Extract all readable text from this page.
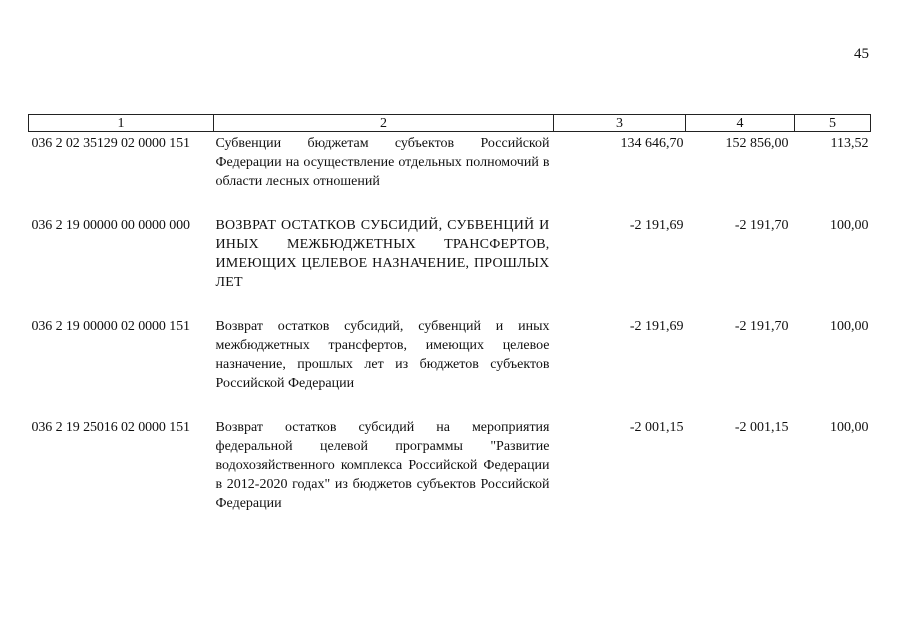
45
1	2	3	4	5
036 2 02 35129 02 0000 151	Субвенции бюджетам субъектов Российской Федерации на осуществление отдельных полномочий в области лесных отношений	134 646,70	152 856,00	113,52
036 2 19 00000 00 0000 000	ВОЗВРАТ ОСТАТКОВ СУБСИДИЙ, СУБВЕНЦИЙ И ИНЫХ МЕЖБЮДЖЕТНЫХ ТРАНСФЕРТОВ, ИМЕЮЩИХ ЦЕЛЕВОЕ НАЗНАЧЕНИЕ, ПРОШЛЫХ ЛЕТ	-2 191,69	-2 191,70	100,00
036 2 19 00000 02 0000 151	Возврат остатков субсидий, субвенций и иных межбюджетных трансфертов, имеющих целевое назначение, прошлых лет из бюджетов субъектов Российской Федерации	-2 191,69	-2 191,70	100,00
036 2 19 25016 02 0000 151	Возврат остатков субсидий на мероприятия федеральной целевой программы "Развитие водохозяйственного комплекса Российской Федерации в 2012-2020 годах" из бюджетов субъектов Российской Федерации	-2 001,15	-2 001,15	100,00
